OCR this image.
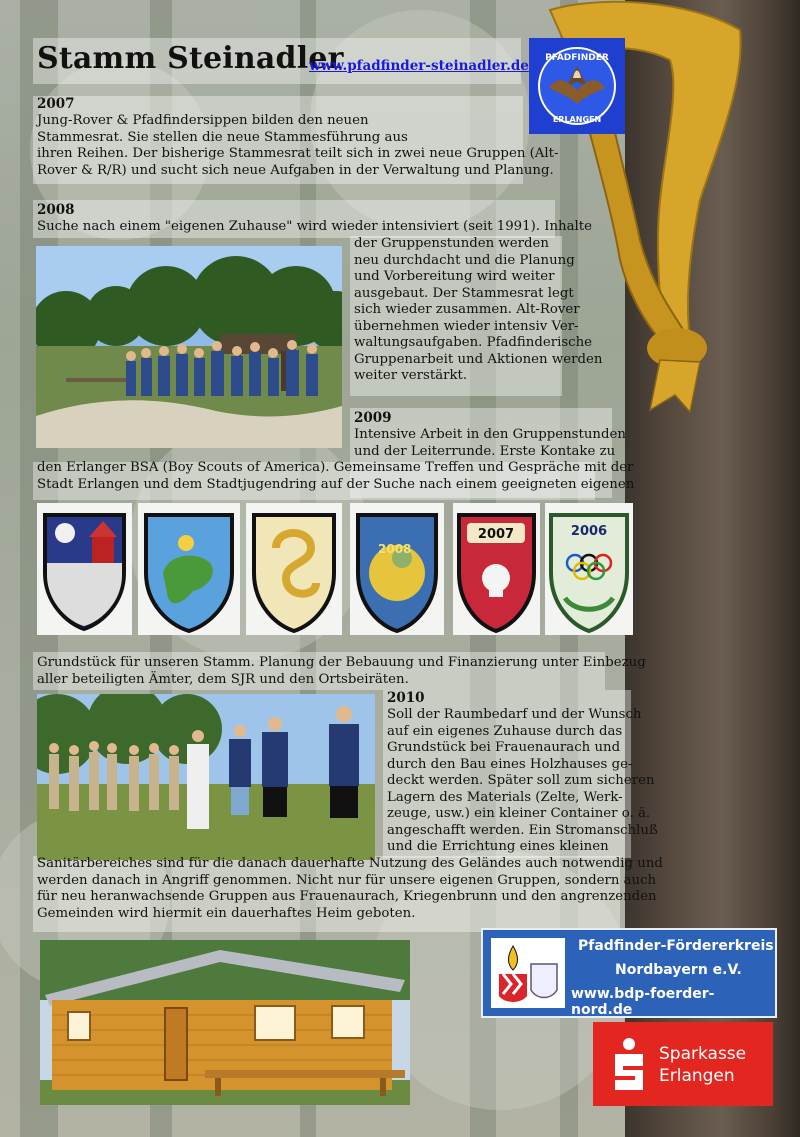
Stamm Steinadler
www.pfadfinder-steinadler.de PFADFINDER
ERLANGEN
2007
Jung-Rover & Pfadfindersippen bilden den neuen
Stammesrat. Sie stellen die neue Stammesführung aus
ihren Reihen. Der bisherige Stammesrat teilt sich in zwei neue Gruppen (Alt-
Rover & R/R) und sucht sich neue Aufgaben in der Verwaltung und Planung.
2008
Suche nach einem "eigenen Zuhause" wird wieder intensiviert (seit 1991). Inhalte
der Gruppenstunden werden
neu durchdacht und die Planung
und Vorbereitung wird weiter
ausgebaut. Der Stammesrat legt
sich wieder zusammen. Alt-Rover
übernehmen wieder intensiv Ver-
waltungsaufgaben. Pfadfinderische
Gruppenarbeit und Aktionen werden
weiter verstärkt.
2009
Intensive Arbeit in den Gruppenstunden
und der Leiterrunde. Erste Kontake zu
den Erlanger BSA (Boy Scouts of America). Gemeinsame Treffen und Gespräche mit der
Stadt Erlangen und dem Stadtjugendring auf der Suche nach einem geeigneten eigenen
2008
2007	2006
Grundstück für unseren Stamm. Planung der Bebauung und Finanzierung unter Einbezug
aller beteiligten Ämter, dem SJR und den Ortsbeiräten.
2010
Soll der Raumbedarf und der Wunsch
auf ein eigenes Zuhause durch das
Grundstück bei Frauenaurach und
durch den Bau eines Holzhauses ge-
deckt werden. Später soll zum sicheren
Lagern des Materials (Zelte, Werk-
zeuge, usw.) ein kleiner Container o. ä.
angeschafft werden. Ein Stromanschluß
und die Errichtung eines kleinen
Sanitärbereiches sind für die danach dauerhafte Nutzung des Geländes auch notwendig und
werden danach in Angriff genommen. Nicht nur für unsere eigenen Gruppen, sondern auch
für neu heranwachsende Gruppen aus Frauenaurach, Kriegenbrunn und den angrenzenden
Gemeinden wird hiermit ein dauerhaftes Heim geboten.
Pfadfinder-Fördererkreis
Nordbayern e.V.
www.bdp-foerder-nord.de
Sparkasse
Erlangen
